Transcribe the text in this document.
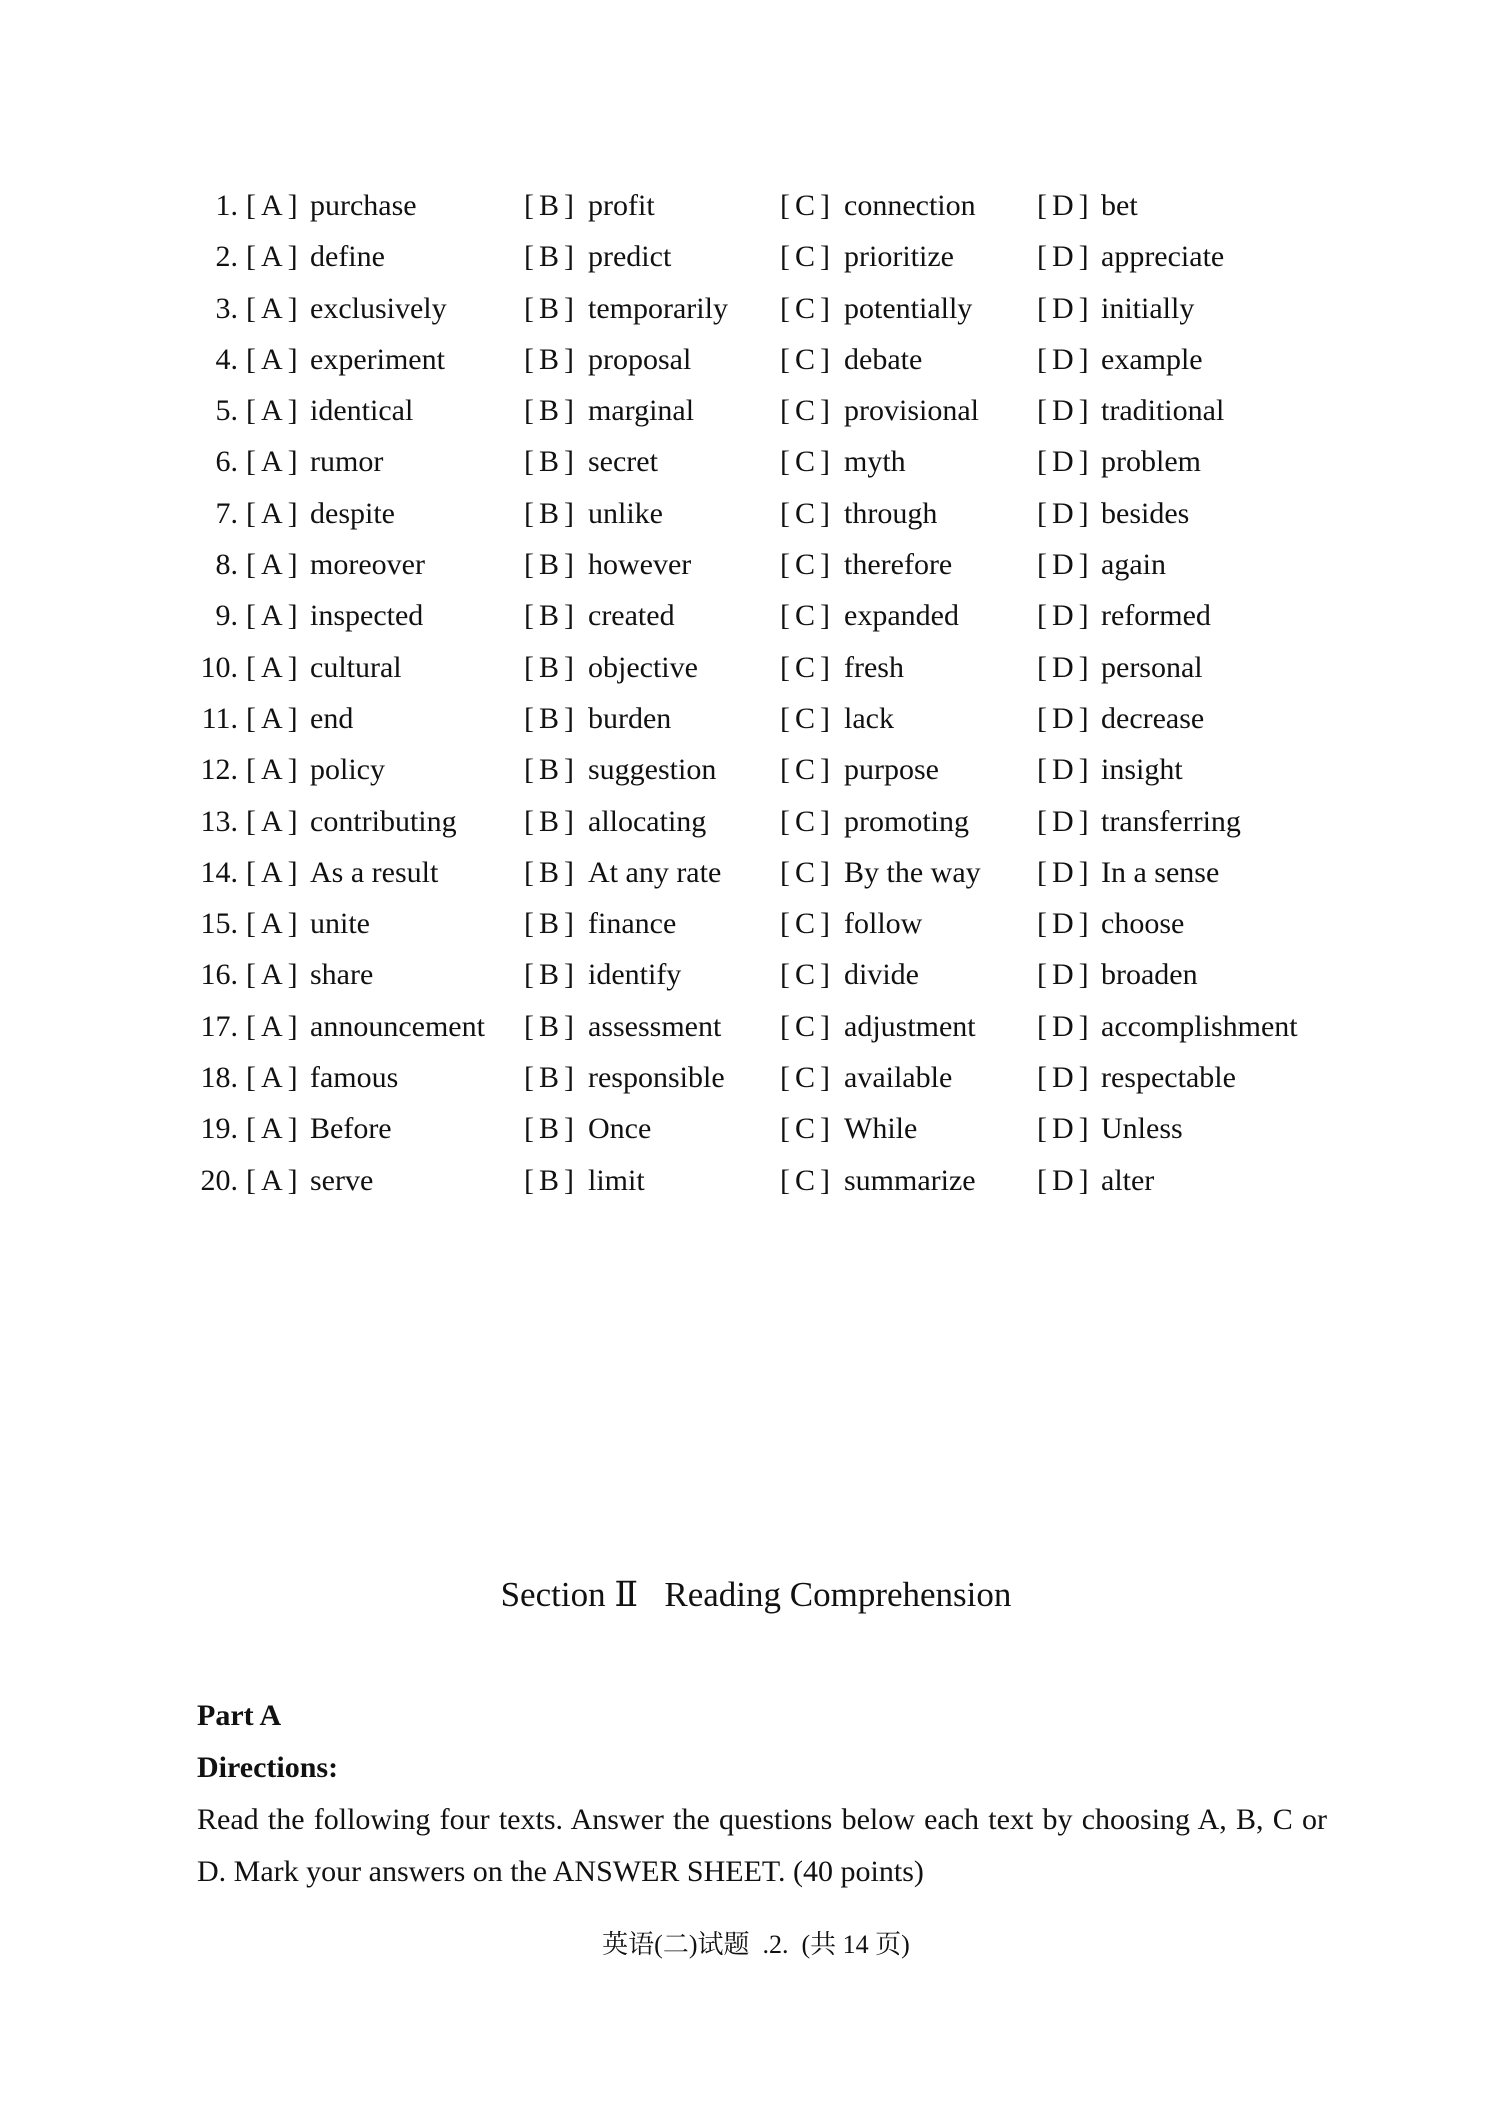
1. [ A ] purchase	[ B ] profit	[ C ] connection [ D ] bet
2. [ A ] define	[ B ] predict	[ C ] prioritize	[ D ] appreciate
3. [ A ] exclusively	[ B ] temporarily [ C ] potentially [ D ] initially
4. [ A ] experiment	[ B ] proposal	[ C ] debate	[ D ] example
5. [ A ] identical	[ B ] marginal	[ C ] provisional [ D ] traditional
6. [ A ] rumor	[ B ] secret	[ C ] myth	[ D ] problem
7. [ A ] despite	[ B ] unlike	[ C ] through	[ D ] besides
8. [ A ] moreover	[ B ] however	[ C ] therefore	[ D ] again
9. [ A ] inspected	[ B ] created	[ C ] expanded	[ D ] reformed
10. [ A ] cultural	[ B ] objective	[ C ] fresh	[ D ] personal
11. [ A ] end	[ B ] burden	[ C ] lack	[ D ] decrease
12. [ A ] policy	[ B ] suggestion [ C ] purpose	[ D ] insight
13. [ A ] contributing [ B ] allocating [ C ] promoting [ D ] transferring
14. [ A ] As a result	[ B ] At any rate [ C ] By the way [ D ] In a sense
15. [ A ] unite	[ B ] finance	[ C ] follow	[ D ] choose
16. [ A ] share	[ B ] identify	[ C ] divide	[ D ] broaden
17. [ A ] announcement [ B ] assessment [ C ] adjustment [ D ] accomplishment
18. [ A ] famous	[ B ] responsible [ C ] available	[ D ] respectable
19. [ A ] Before	[ B ] Once	[ C ] While	[ D ] Unless
20. [ A ] serve	[ B ] limit	[ C ] summarize [ D ] alter
Section Ⅱ   Reading Comprehension
Part A
Directions:
Read the following four texts. Answer the questions below each text by choosing A, B, C or D. Mark your answers on the ANSWER SHEET. (40 points)
英语(二)试题  .2.  (共 14 页)
